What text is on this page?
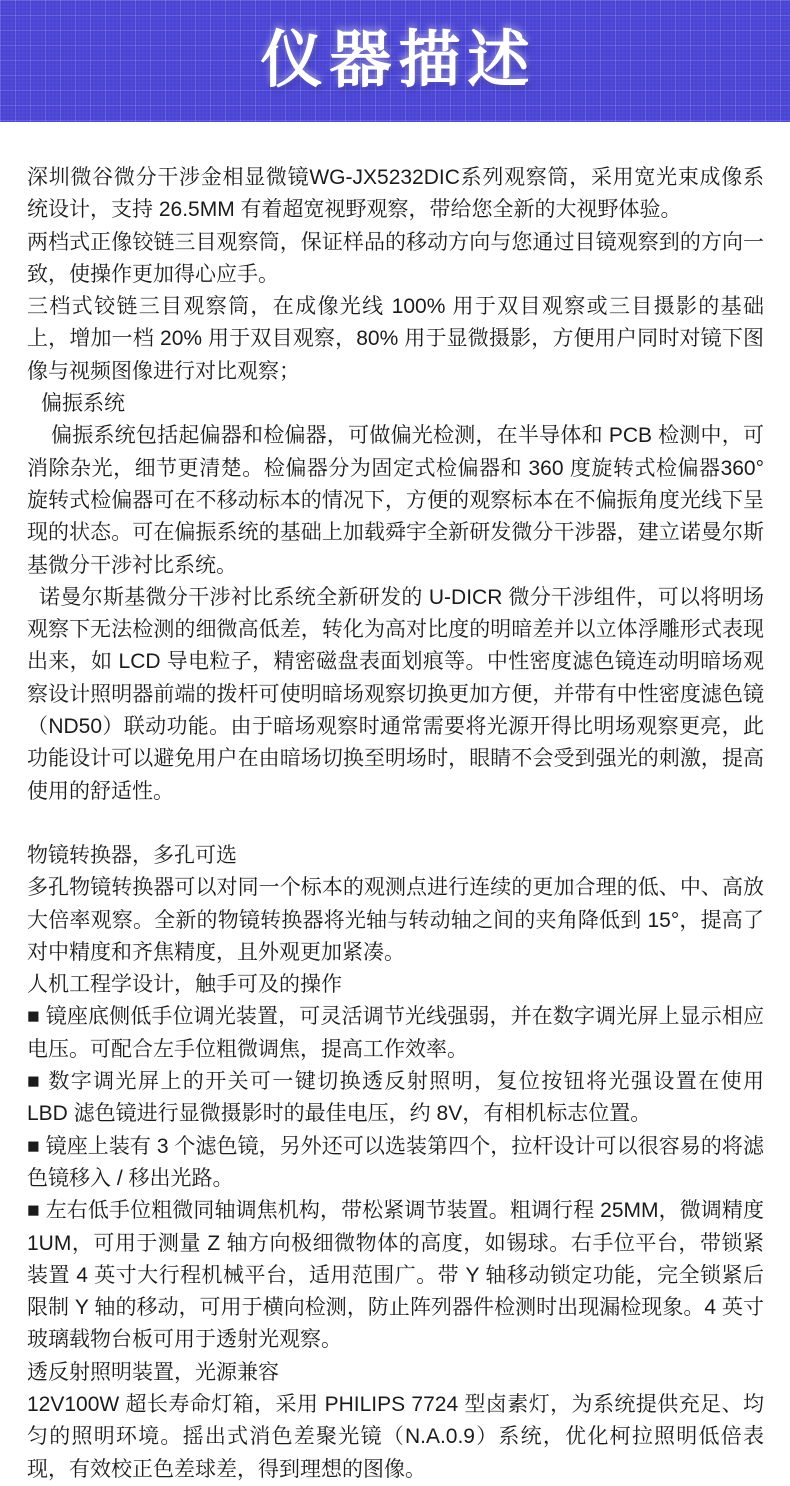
仪器描述

深圳微谷微分干涉金相显微镜WG-JX5232DIC系列观察筒，采用宽光束成像系统设计，支持 26.5MM 有着超宽视野观察，带给您全新的大视野体验。

两档式正像铰链三目观察筒，保证样品的移动方向与您通过目镜观察到的方向一致，使操作更加得心应手。

三档式铰链三目观察筒，在成像光线 100% 用于双目观察或三目摄影的基础上，增加一档 20% 用于双目观察，80% 用于显微摄影，方便用户同时对镜下图像与视频图像进行对比观察；

偏振系统

偏振系统包括起偏器和检偏器，可做偏光检测，在半导体和 PCB 检测中，可消除杂光，细节更清楚。检偏器分为固定式检偏器和 360 度旋转式检偏器360°旋转式检偏器可在不移动标本的情况下，方便的观察标本在不偏振角度光线下呈现的状态。可在偏振系统的基础上加载舜宇全新研发微分干涉器，建立诺曼尔斯基微分干涉衬比系统。

诺曼尔斯基微分干涉衬比系统全新研发的 U-DICR 微分干涉组件，可以将明场观察下无法检测的细微高低差，转化为高对比度的明暗差并以立体浮雕形式表现出来，如 LCD 导电粒子，精密磁盘表面划痕等。中性密度滤色镜连动明暗场观察设计照明器前端的拨杆可使明暗场观察切换更加方便，并带有中性密度滤色镜（ND50）联动功能。由于暗场观察时通常需要将光源开得比明场观察更亮，此功能设计可以避免用户在由暗场切换至明场时，眼睛不会受到强光的刺激，提高使用的舒适性。

物镜转换器，多孔可选

多孔物镜转换器可以对同一个标本的观测点进行连续的更加合理的低、中、高放大倍率观察。全新的物镜转换器将光轴与转动轴之间的夹角降低到 15°，提高了对中精度和齐焦精度，且外观更加紧凑。

人机工程学设计，触手可及的操作

■ 镜座底侧低手位调光装置，可灵活调节光线强弱，并在数字调光屏上显示相应电压。可配合左手位粗微调焦，提高工作效率。

■ 数字调光屏上的开关可一键切换透反射照明，复位按钮将光强设置在使用 LBD 滤色镜进行显微摄影时的最佳电压，约 8V，有相机标志位置。

■ 镜座上装有 3 个滤色镜，另外还可以选装第四个，拉杆设计可以很容易的将滤色镜移入 / 移出光路。

■ 左右低手位粗微同轴调焦机构，带松紧调节装置。粗调行程 25MM，微调精度 1UM，可用于测量 Z 轴方向极细微物体的高度，如锡球。右手位平台，带锁紧装置 4 英寸大行程机械平台，适用范围广。带 Y 轴移动锁定功能，完全锁紧后限制 Y 轴的移动，可用于横向检测，防止阵列器件检测时出现漏检现象。4 英寸玻璃载物台板可用于透射光观察。

透反射照明装置，光源兼容

12V100W 超长寿命灯箱，采用 PHILIPS 7724 型卤素灯，为系统提供充足、均匀的照明环境。摇出式消色差聚光镜（N.A.0.9）系统，优化柯拉照明低倍表现，有效校正色差球差，得到理想的图像。
